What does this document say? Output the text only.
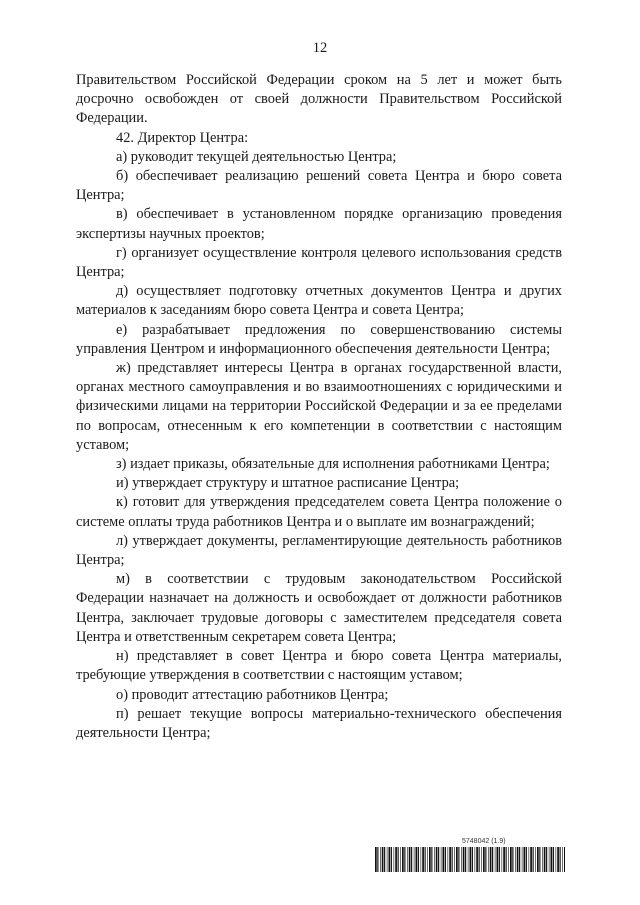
12

Правительством Российской Федерации сроком на 5 лет и может быть досрочно освобожден от своей должности Правительством Российской Федерации.

42. Директор Центра:

а) руководит текущей деятельностью Центра;

б) обеспечивает реализацию решений совета Центра и бюро совета Центра;

в) обеспечивает в установленном порядке организацию проведения экспертизы научных проектов;

г) организует осуществление контроля целевого использования средств Центра;

д) осуществляет подготовку отчетных документов Центра и других материалов к заседаниям бюро совета Центра и совета Центра;

е) разрабатывает предложения по совершенствованию системы управления Центром и информационного обеспечения деятельности Центра;

ж) представляет интересы Центра в органах государственной власти, органах местного самоуправления и во взаимоотношениях с юридическими и физическими лицами на территории Российской Федерации и за ее пределами по вопросам, отнесенным к его компетенции в соответствии с настоящим уставом;

з) издает приказы, обязательные для исполнения работниками Центра;

и) утверждает структуру и штатное расписание Центра;

к) готовит для утверждения председателем совета Центра положение о системе оплаты труда работников Центра и о выплате им вознаграждений;

л) утверждает документы, регламентирующие деятельность работников Центра;

м) в соответствии с трудовым законодательством Российской Федерации назначает на должность и освобождает от должности работников Центра, заключает трудовые договоры с заместителем председателя совета Центра и ответственным секретарем совета Центра;

н) представляет в совет Центра и бюро совета Центра материалы, требующие утверждения в соответствии с настоящим уставом;

о) проводит аттестацию работников Центра;

п) решает текущие вопросы материально-технического обеспечения деятельности Центра;

5748042 (1.9)
